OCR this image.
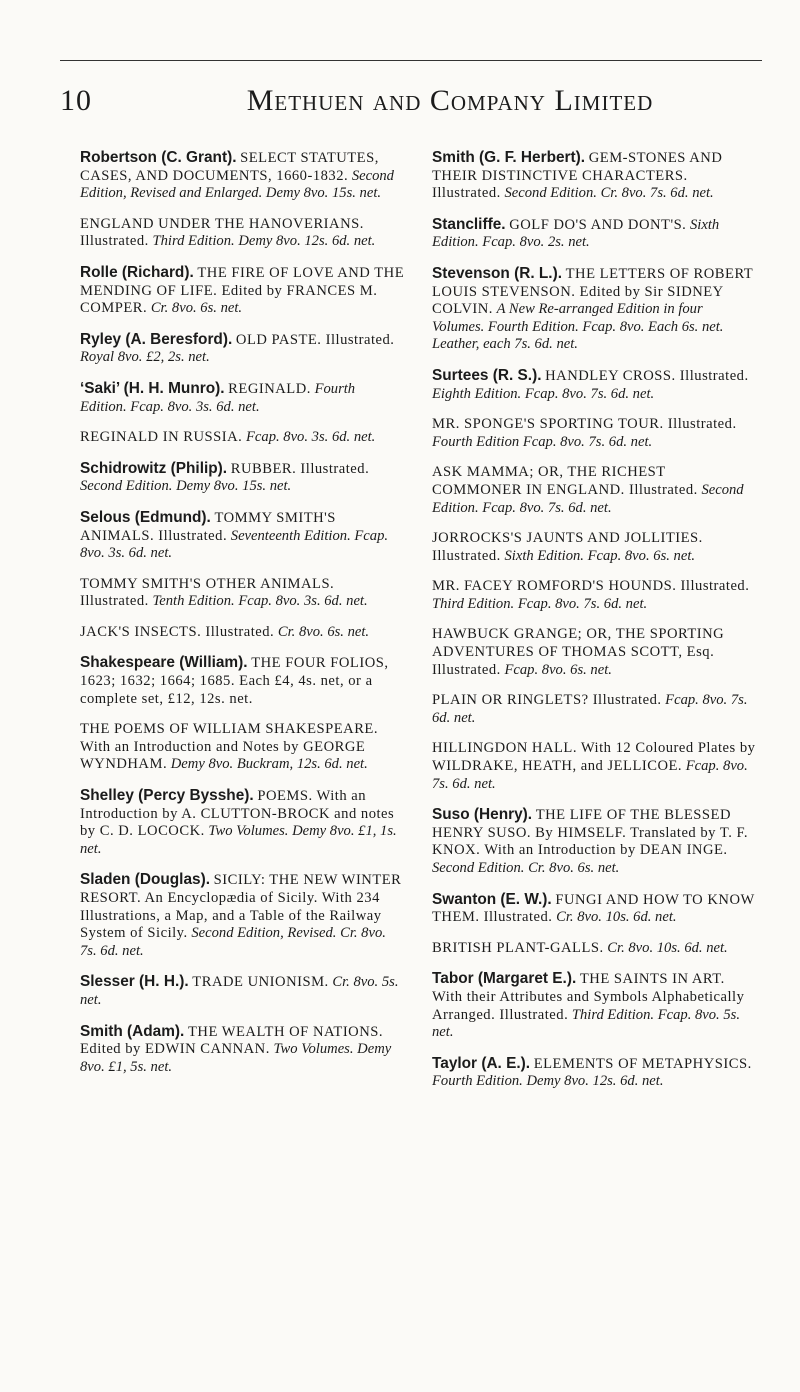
10	Methuen and Company Limited
Robertson (C. Grant). SELECT STATUTES, CASES, AND DOCUMENTS, 1660-1832. Second Edition, Revised and Enlarged. Demy 8vo. 15s. net.
ENGLAND UNDER THE HANOVERIANS. Illustrated. Third Edition. Demy 8vo. 12s. 6d. net.
Rolle (Richard). THE FIRE OF LOVE AND THE MENDING OF LIFE. Edited by FRANCES M. COMPER. Cr. 8vo. 6s. net.
Ryley (A. Beresford). OLD PASTE. Illustrated. Royal 8vo. £2, 2s. net.
‘Saki’ (H. H. Munro). REGINALD. Fourth Edition. Fcap. 8vo. 3s. 6d. net.
REGINALD IN RUSSIA. Fcap. 8vo. 3s. 6d. net.
Schidrowitz (Philip). RUBBER. Illustrated. Second Edition. Demy 8vo. 15s. net.
Selous (Edmund). TOMMY SMITH'S ANIMALS. Illustrated. Seventeenth Edition. Fcap. 8vo. 3s. 6d. net.
TOMMY SMITH'S OTHER ANIMALS. Illustrated. Tenth Edition. Fcap. 8vo. 3s. 6d. net.
JACK'S INSECTS. Illustrated. Cr. 8vo. 6s. net.
Shakespeare (William). THE FOUR FOLIOS, 1623; 1632; 1664; 1685. Each £4, 4s. net, or a complete set, £12, 12s. net.
THE POEMS OF WILLIAM SHAKESPEARE. With an Introduction and Notes by GEORGE WYNDHAM. Demy 8vo. Buckram, 12s. 6d. net.
Shelley (Percy Bysshe). POEMS. With an Introduction by A. CLUTTON-BROCK and notes by C. D. LOCOCK. Two Volumes. Demy 8vo. £1, 1s. net.
Sladen (Douglas). SICILY: THE NEW WINTER RESORT. An Encyclopædia of Sicily. With 234 Illustrations, a Map, and a Table of the Railway System of Sicily. Second Edition, Revised. Cr. 8vo. 7s. 6d. net.
Slesser (H. H.). TRADE UNIONISM. Cr. 8vo. 5s. net.
Smith (Adam). THE WEALTH OF NATIONS. Edited by EDWIN CANNAN. Two Volumes. Demy 8vo. £1, 5s. net.
Smith (G. F. Herbert). GEM-STONES AND THEIR DISTINCTIVE CHARACTERS. Illustrated. Second Edition. Cr. 8vo. 7s. 6d. net.
Stancliffe. GOLF DO'S AND DONT'S. Sixth Edition. Fcap. 8vo. 2s. net.
Stevenson (R. L.). THE LETTERS OF ROBERT LOUIS STEVENSON. Edited by Sir SIDNEY COLVIN. A New Re-arranged Edition in four Volumes. Fourth Edition. Fcap. 8vo. Each 6s. net. Leather, each 7s. 6d. net.
Surtees (R. S.). HANDLEY CROSS. Illustrated. Eighth Edition. Fcap. 8vo. 7s. 6d. net.
MR. SPONGE'S SPORTING TOUR. Illustrated. Fourth Edition Fcap. 8vo. 7s. 6d. net.
ASK MAMMA; OR, THE RICHEST COMMONER IN ENGLAND. Illustrated. Second Edition. Fcap. 8vo. 7s. 6d. net.
JORROCKS'S JAUNTS AND JOLLITIES. Illustrated. Sixth Edition. Fcap. 8vo. 6s. net.
MR. FACEY ROMFORD'S HOUNDS. Illustrated. Third Edition. Fcap. 8vo. 7s. 6d. net.
HAWBUCK GRANGE; OR, THE SPORTING ADVENTURES OF THOMAS SCOTT, Esq. Illustrated. Fcap. 8vo. 6s. net.
PLAIN OR RINGLETS? Illustrated. Fcap. 8vo. 7s. 6d. net.
HILLINGDON HALL. With 12 Coloured Plates by WILDRAKE, HEATH, and JELLICOE. Fcap. 8vo. 7s. 6d. net.
Suso (Henry). THE LIFE OF THE BLESSED HENRY SUSO. By HIMSELF. Translated by T. F. KNOX. With an Introduction by DEAN INGE. Second Edition. Cr. 8vo. 6s. net.
Swanton (E. W.). FUNGI AND HOW TO KNOW THEM. Illustrated. Cr. 8vo. 10s. 6d. net.
BRITISH PLANT-GALLS. Cr. 8vo. 10s. 6d. net.
Tabor (Margaret E.). THE SAINTS IN ART. With their Attributes and Symbols Alphabetically Arranged. Illustrated. Third Edition. Fcap. 8vo. 5s. net.
Taylor (A. E.). ELEMENTS OF METAPHYSICS. Fourth Edition. Demy 8vo. 12s. 6d. net.
